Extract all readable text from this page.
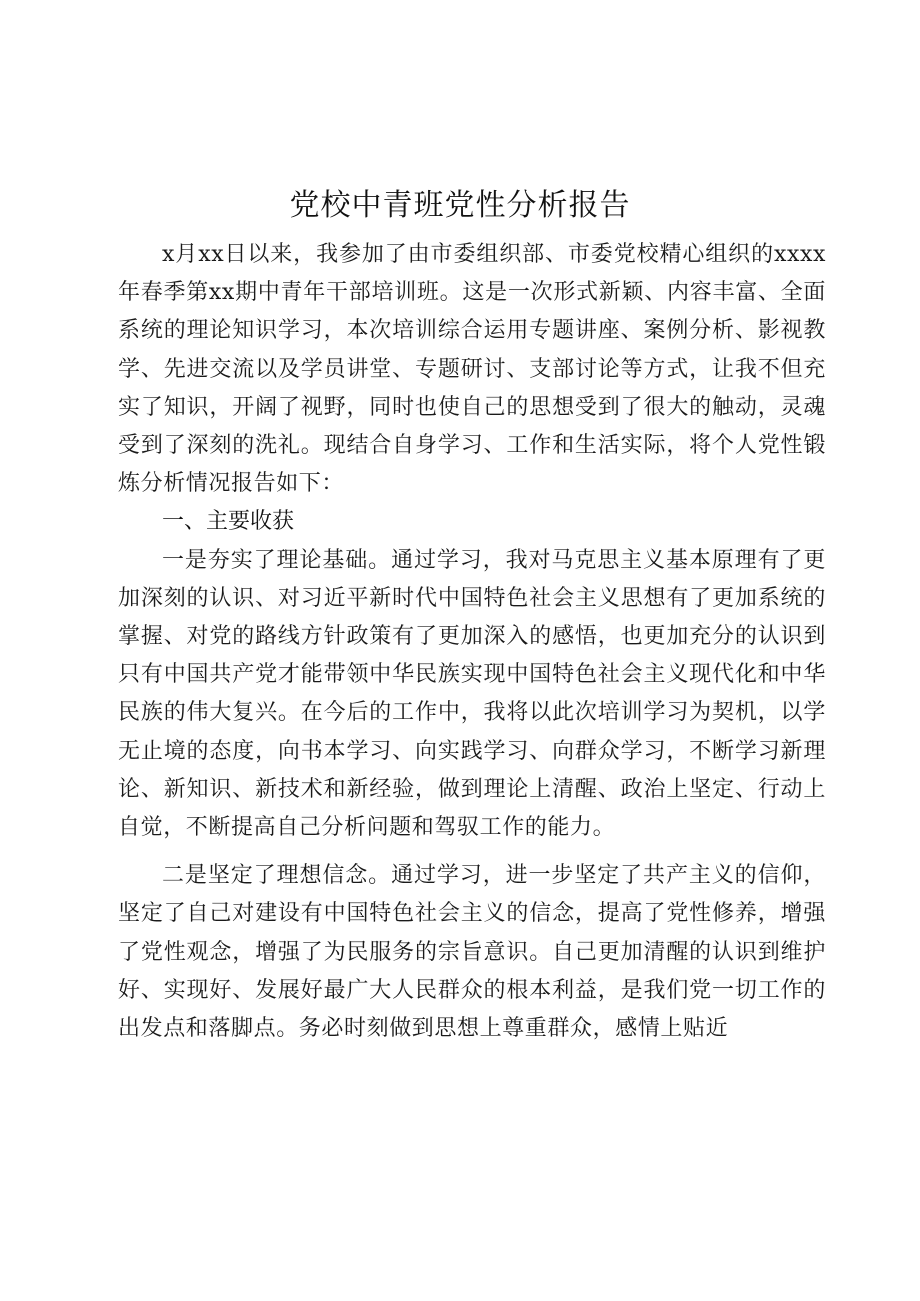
党校中青班党性分析报告

x月xx日以来，我参加了由市委组织部、市委党校精心组织的xxxx年春季第xx期中青年干部培训班。这是一次形式新颖、内容丰富、全面系统的理论知识学习，本次培训综合运用专题讲座、案例分析、影视教学、先进交流以及学员讲堂、专题研讨、支部讨论等方式，让我不但充实了知识，开阔了视野，同时也使自己的思想受到了很大的触动，灵魂受到了深刻的洗礼。现结合自身学习、工作和生活实际，将个人党性锻炼分析情况报告如下：

一、主要收获

一是夯实了理论基础。通过学习，我对马克思主义基本原理有了更加深刻的认识、对习近平新时代中国特色社会主义思想有了更加系统的掌握、对党的路线方针政策有了更加深入的感悟，也更加充分的认识到只有中国共产党才能带领中华民族实现中国特色社会主义现代化和中华民族的伟大复兴。在今后的工作中，我将以此次培训学习为契机，以学无止境的态度，向书本学习、向实践学习、向群众学习，不断学习新理论、新知识、新技术和新经验，做到理论上清醒、政治上坚定、行动上自觉，不断提高自己分析问题和驾驭工作的能力。

二是坚定了理想信念。通过学习，进一步坚定了共产主义的信仰，坚定了自己对建设有中国特色社会主义的信念，提高了党性修养，增强了党性观念，增强了为民服务的宗旨意识。自己更加清醒的认识到维护好、实现好、发展好最广大人民群众的根本利益，是我们党一切工作的出发点和落脚点。务必时刻做到思想上尊重群众，感情上贴近
